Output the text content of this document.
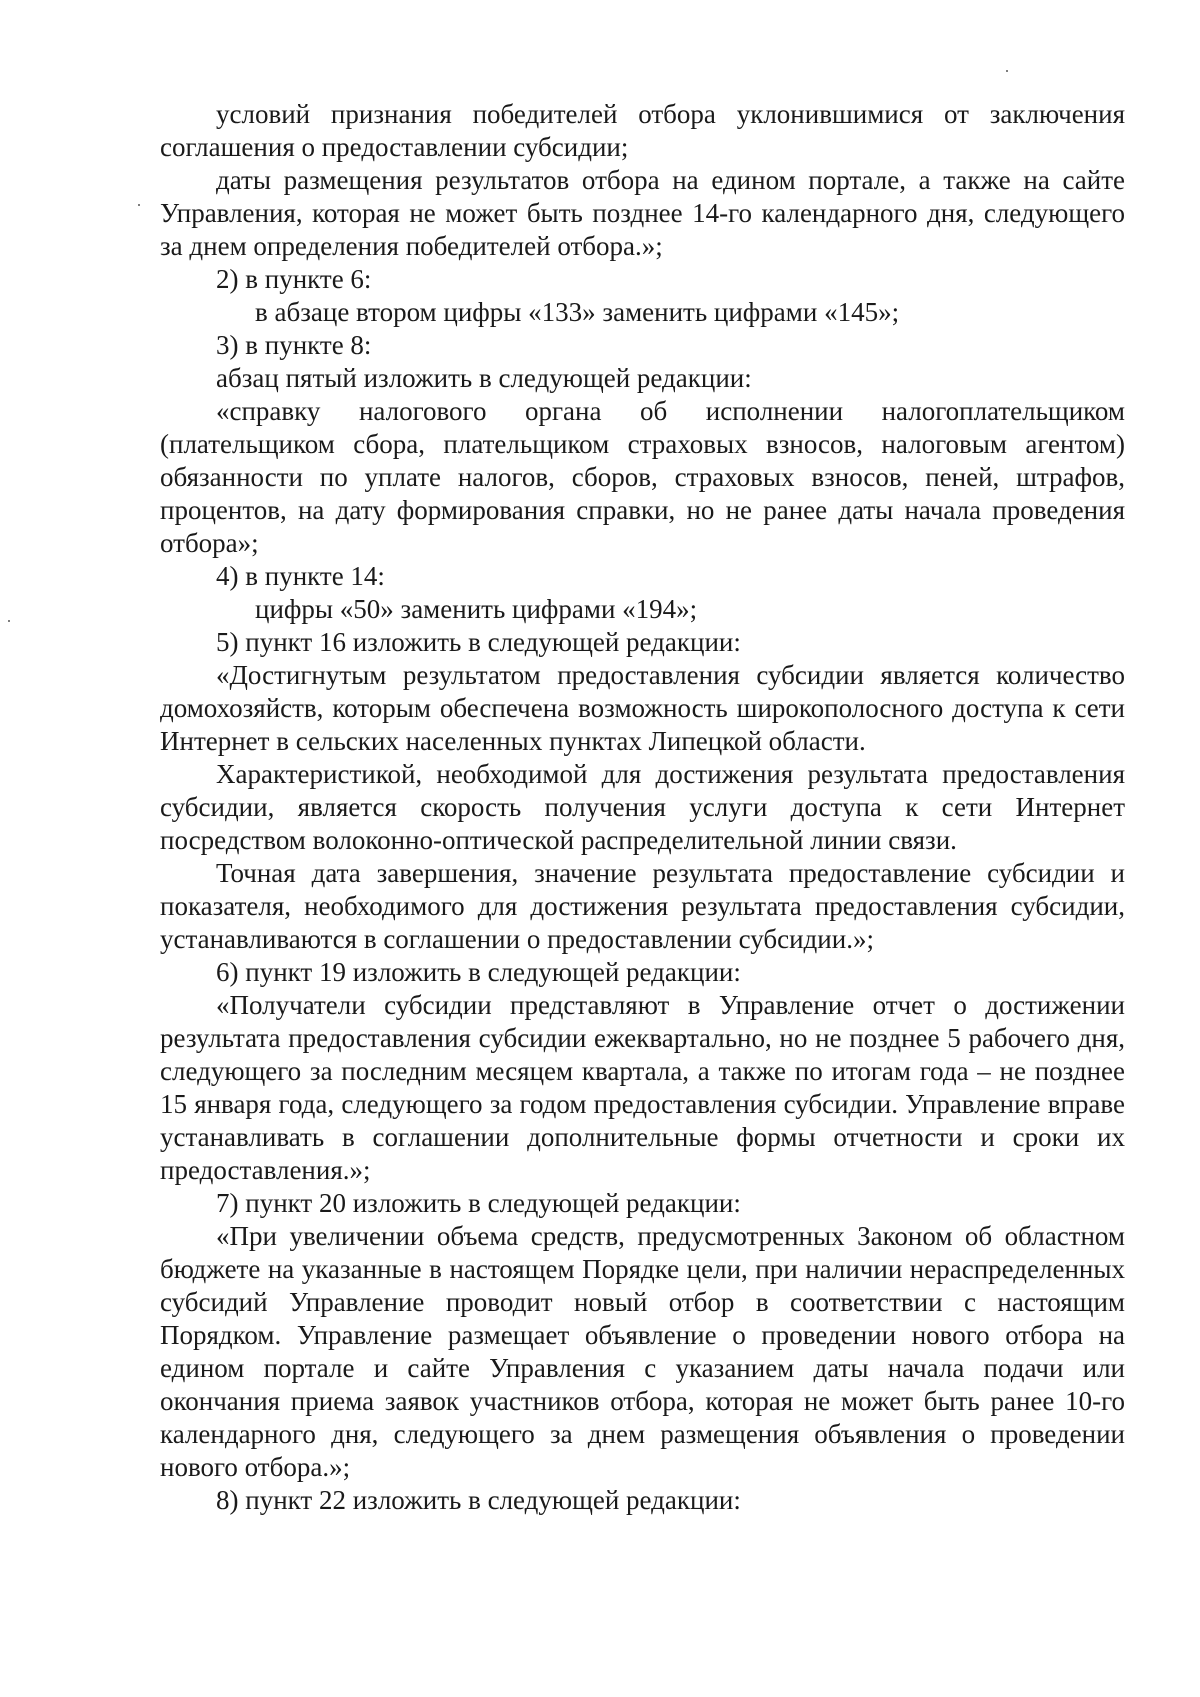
условий признания победителей отбора уклонившимися от заключения соглашения о предоставлении субсидии;

даты размещения результатов отбора на едином портале, а также на сайте Управления, которая не может быть позднее 14-го календарного дня, следующего за днем определения победителей отбора.»;

2) в пункте 6:

в абзаце втором цифры «133» заменить цифрами «145»;

3) в пункте 8:

абзац пятый изложить в следующей редакции:

«справку налогового органа об исполнении налогоплательщиком (плательщиком сбора, плательщиком страховых взносов, налоговым агентом) обязанности по уплате налогов, сборов, страховых взносов, пеней, штрафов, процентов, на дату формирования справки, но не ранее даты начала проведения отбора»;

4) в пункте 14:

цифры «50» заменить цифрами «194»;

5) пункт 16 изложить в следующей редакции:

«Достигнутым результатом предоставления субсидии является количество домохозяйств, которым обеспечена возможность широкополосного доступа к сети Интернет в сельских населенных пунктах Липецкой области.

Характеристикой, необходимой для достижения результата предоставления субсидии, является скорость получения услуги доступа к сети Интернет посредством волоконно-оптической распределительной линии связи.

Точная дата завершения, значение результата предоставление субсидии и показателя, необходимого для достижения результата предоставления субсидии, устанавливаются в соглашении о предоставлении субсидии.»;

6) пункт 19 изложить в следующей редакции:

«Получатели субсидии представляют в Управление отчет о достижении результата предоставления субсидии ежеквартально, но не позднее 5 рабочего дня, следующего за последним месяцем квартала, а также по итогам года – не позднее 15 января года, следующего за годом предоставления субсидии. Управление вправе устанавливать в соглашении дополнительные формы отчетности и сроки их предоставления.»;

7) пункт 20 изложить в следующей редакции:

«При увеличении объема средств, предусмотренных Законом об областном бюджете на указанные в настоящем Порядке цели, при наличии нераспределенных субсидий Управление проводит новый отбор в соответствии с настоящим Порядком. Управление размещает объявление о проведении нового отбора на едином портале и сайте Управления с указанием даты начала подачи или окончания приема заявок участников отбора, которая не может быть ранее 10-го календарного дня, следующего за днем размещения объявления о проведении нового отбора.»;

8) пункт 22 изложить в следующей редакции:
